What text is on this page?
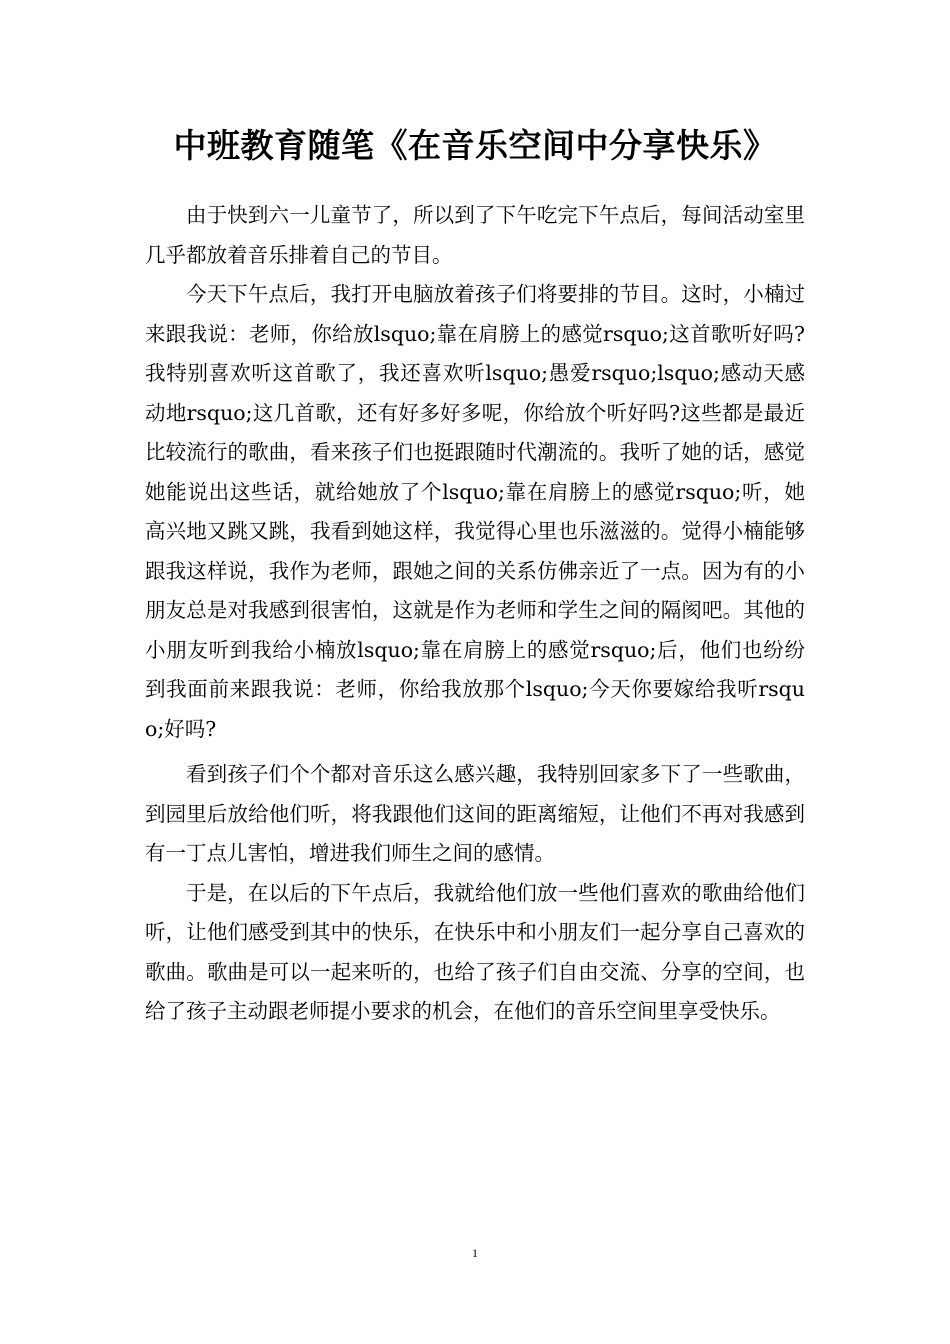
中班教育随笔《在音乐空间中分享快乐》

由于快到六一儿童节了，所以到了下午吃完下午点后，每间活动室里几乎都放着音乐排着自己的节目。

今天下午点后，我打开电脑放着孩子们将要排的节目。这时，小楠过来跟我说：老师，你给放lsquo;靠在肩膀上的感觉rsquo;这首歌听好吗?我特别喜欢听这首歌了，我还喜欢听lsquo;愚爱rsquo;lsquo;感动天感动地rsquo;这几首歌，还有好多好多呢，你给放个听好吗?这些都是最近比较流行的歌曲，看来孩子们也挺跟随时代潮流的。我听了她的话，感觉她能说出这些话，就给她放了个lsquo;靠在肩膀上的感觉rsquo;听，她高兴地又跳又跳，我看到她这样，我觉得心里也乐滋滋的。觉得小楠能够跟我这样说，我作为老师，跟她之间的关系仿佛亲近了一点。因为有的小朋友总是对我感到很害怕，这就是作为老师和学生之间的隔阂吧。其他的小朋友听到我给小楠放lsquo;靠在肩膀上的感觉rsquo;后，他们也纷纷到我面前来跟我说：老师，你给我放那个lsquo;今天你要嫁给我听rsquo;好吗?

看到孩子们个个都对音乐这么感兴趣，我特别回家多下了一些歌曲，到园里后放给他们听，将我跟他们这间的距离缩短，让他们不再对我感到有一丁点儿害怕，增进我们师生之间的感情。

于是，在以后的下午点后，我就给他们放一些他们喜欢的歌曲给他们听，让他们感受到其中的快乐，在快乐中和小朋友们一起分享自己喜欢的歌曲。歌曲是可以一起来听的，也给了孩子们自由交流、分享的空间，也给了孩子主动跟老师提小要求的机会，在他们的音乐空间里享受快乐。

1
